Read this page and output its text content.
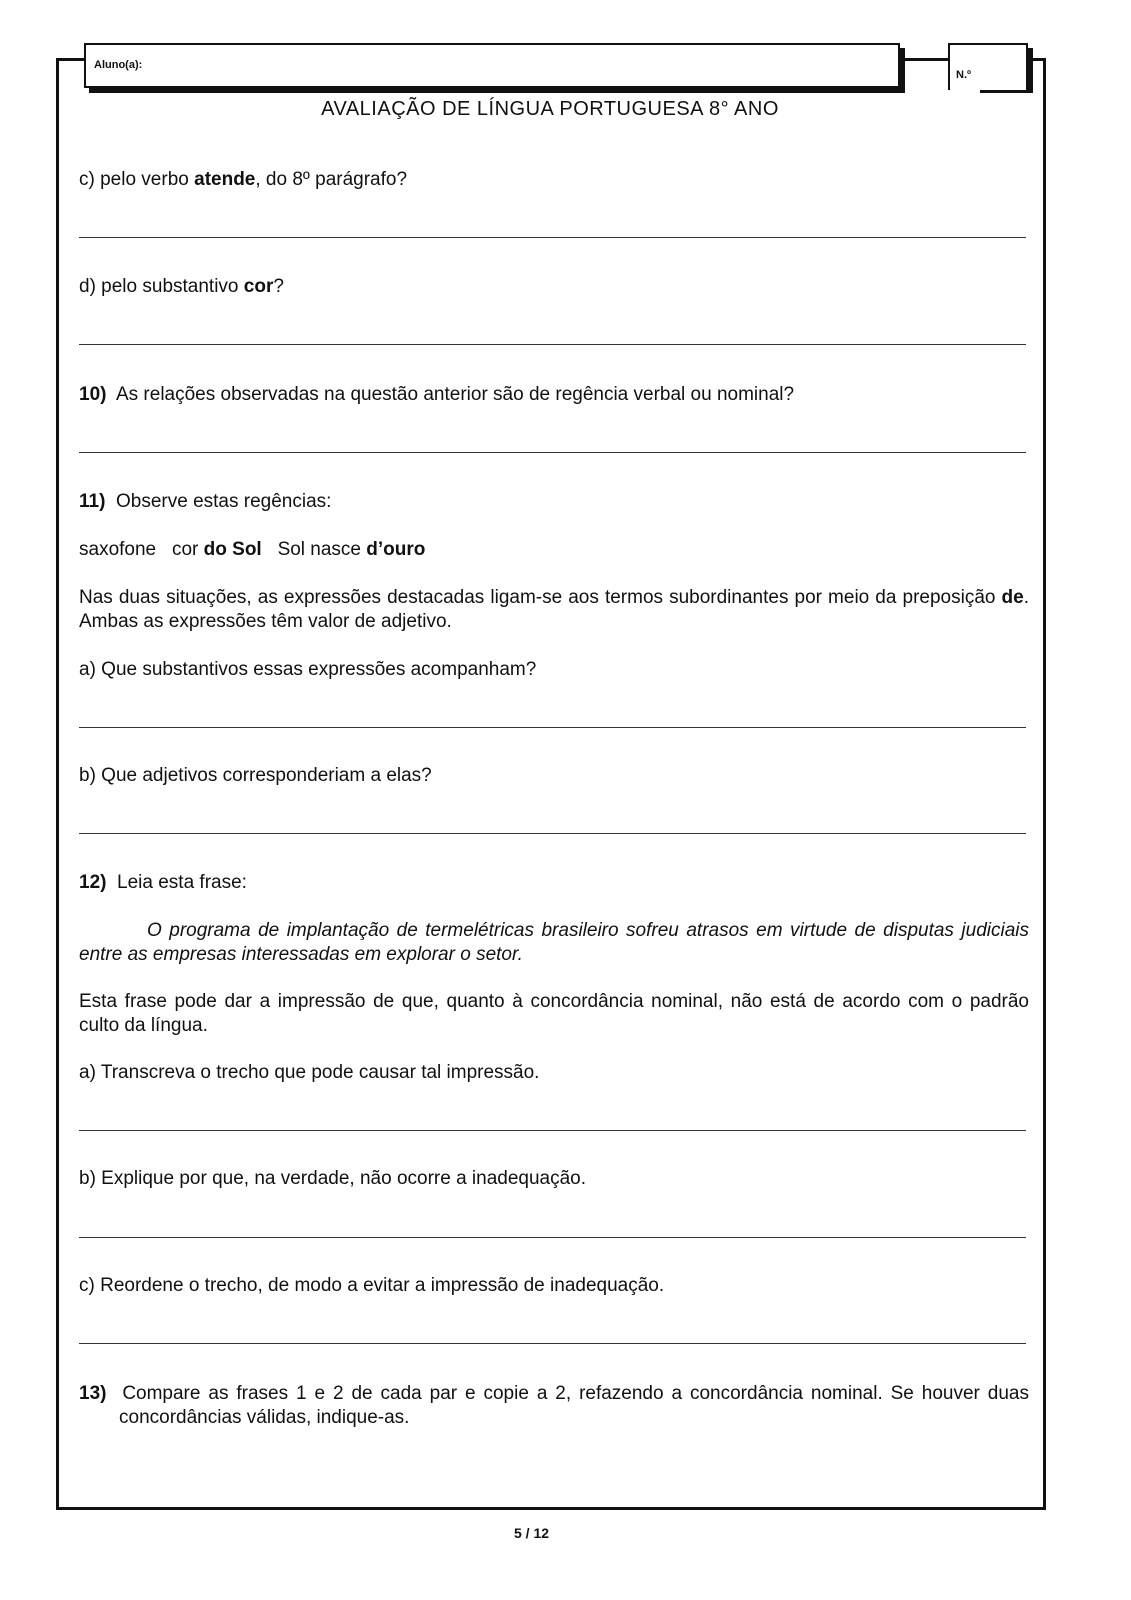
Aluno(a):
N.º
AVALIAÇÃO DE LÍNGUA PORTUGUESA 8° ANO
c) pelo verbo atende, do 8º parágrafo?
d) pelo substantivo cor?
10) As relações observadas na questão anterior são de regência verbal ou nominal?
11) Observe estas regências:
saxofone cor do Sol Sol nasce d’ouro
Nas duas situações, as expressões destacadas ligam-se aos termos subordinantes por meio da preposição de. Ambas as expressões têm valor de adjetivo.
a) Que substantivos essas expressões acompanham?
b) Que adjetivos corresponderiam a elas?
12) Leia esta frase:
O programa de implantação de termelétricas brasileiro sofreu atrasos em virtude de disputas judiciais entre as empresas interessadas em explorar o setor.
Esta frase pode dar a impressão de que, quanto à concordância nominal, não está de acordo com o padrão culto da língua.
a) Transcreva o trecho que pode causar tal impressão.
b) Explique por que, na verdade, não ocorre a inadequação.
c) Reordene o trecho, de modo a evitar a impressão de inadequação.
13) Compare as frases 1 e 2 de cada par e copie a 2, refazendo a concordância nominal. Se houver duas concordâncias válidas, indique-as.
5 / 12
